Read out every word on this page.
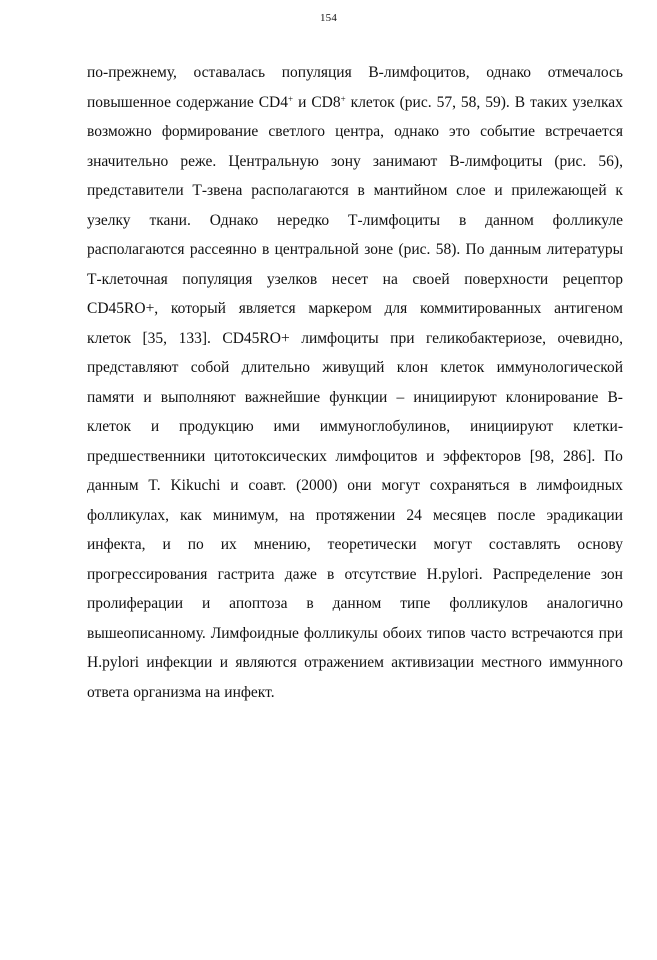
154
по-прежнему, оставалась популяция В-лимфоцитов, однако отмечалось
повышенное содержание CD4+ и CD8+ клеток (рис. 57, 58, 59). В таких узелках
возможно формирование светлого центра, однако это событие встречается
значительно реже. Центральную зону занимают В-лимфоциты (рис. 56),
представители Т-звена располагаются в мантийном слое и прилежающей к
узелку ткани. Однако нередко Т-лимфоциты в данном фолликуле
располагаются рассеянно в центральной зоне (рис. 58). По данным литературы
Т-клеточная популяция узелков несет на своей поверхности рецептор
CD45RO+, который является маркером для коммитированных антигеном
клеток [35, 133]. CD45RO+ лимфоциты при геликобактериозе, очевидно,
представляют собой длительно живущий клон клеток иммунологической
памяти и выполняют важнейшие функции – инициируют клонирование В-
клеток и продукцию ими иммуноглобулинов, инициируют клетки-
предшественники цитотоксических лимфоцитов и эффекторов [98, 286]. По
данным T. Kikuchi и соавт. (2000) они могут сохраняться в лимфоидных
фолликулах, как минимум, на протяжении 24 месяцев после эрадикации
инфекта, и по их мнению, теоретически могут составлять основу
прогрессирования гастрита даже в отсутствие H.pylori. Распределение зон
пролиферации и апоптоза в данном типе фолликулов аналогично
вышеописанному. Лимфоидные фолликулы обоих типов часто встречаются при
H.pylori инфекции и являются отражением активизации местного иммунного
ответа организма на инфект.
